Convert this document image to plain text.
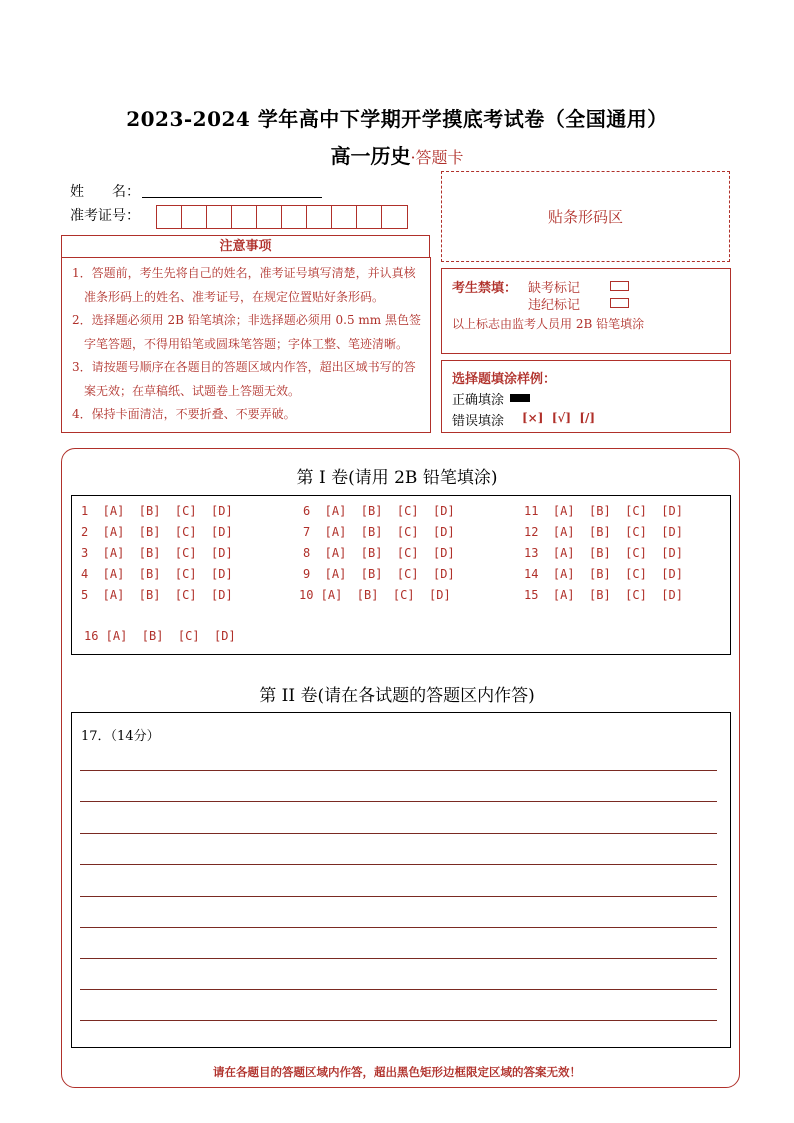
2023-2024 学年高中下学期开学摸底考试卷（全国通用）
高一历史·答题卡
姓　　名：
准考证号：	贴条形码区
注意事项

1．答题前，考生先将自己的姓名，准考证号填写清楚，并认真核准条形码上的姓名、准考证号，在规定位置贴好条形码。

2．选择题必须用 2B 铅笔填涂；非选择题必须用 0.5 mm 黑色签字笔答题，不得用铅笔或圆珠笔答题；字体工整、笔迹清晰。

3．请按题号顺序在各题目的答题区域内作答，超出区域书写的答案无效；在草稿纸、试题卷上答题无效。

4．保持卡面清洁，不要折叠、不要弄破。

考生禁填： 缺考标记
违纪标记
以上标志由监考人员用 2B 铅笔填涂
选择题填涂样例：
正确填涂
错误填涂 [×]  [√]  [/]
第 I 卷(请用 2B 铅笔填涂)
1  [A]  [B]  [C]  [D]
2  [A]  [B]  [C]  [D]
3  [A]  [B]  [C]  [D]
4  [A]  [B]  [C]  [D]
5  [A]  [B]  [C]  [D]
6  [A]  [B]  [C]  [D]
7  [A]  [B]  [C]  [D]
8  [A]  [B]  [C]  [D]
9  [A]  [B]  [C]  [D]
10 [A]  [B]  [C]  [D]
11  [A]  [B]  [C]  [D]
12  [A]  [B]  [C]  [D]
13  [A]  [B]  [C]  [D]
14  [A]  [B]  [C]  [D]
15  [A]  [B]  [C]  [D]
16 [A]  [B]  [C]  [D]
第 II 卷(请在各试题的答题区内作答)
17．（14分）
请在各题目的答题区域内作答，超出黑色矩形边框限定区域的答案无效！
